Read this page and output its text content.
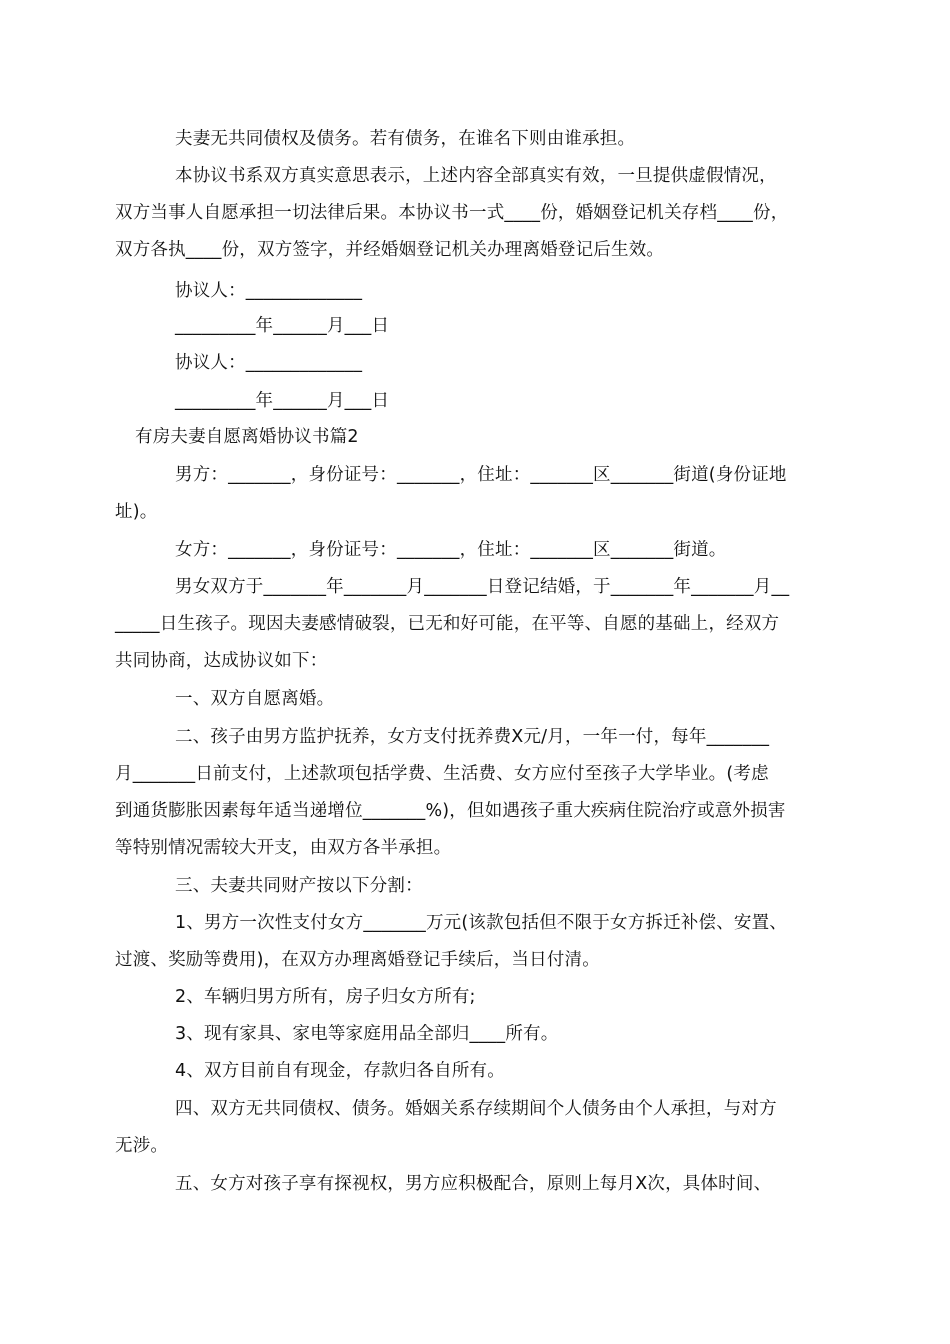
夫妻无共同债权及债务。若有债务，在谁名下则由谁承担。
本协议书系双方真实意思表示，上述内容全部真实有效，一旦提供虚假情况，
双方当事人自愿承担一切法律后果。本协议书一式____份，婚姻登记机关存档____份，
双方各执____份，双方签字，并经婚姻登记机关办理离婚登记后生效。
协议人：_____________
_________年______月___日
协议人：_____________
_________年______月___日
有房夫妻自愿离婚协议书篇2
男方：_______，身份证号：_______，住址：_______区_______街道(身份证地
址)。
女方：_______，身份证号：_______，住址：_______区_______街道。
男女双方于_______年_______月_______日登记结婚，于_______年_______月__
_____日生孩子。现因夫妻感情破裂，已无和好可能，在平等、自愿的基础上，经双方
共同协商，达成协议如下：
一、双方自愿离婚。
二、孩子由男方监护抚养，女方支付抚养费X元/月，一年一付，每年_______
月_______日前支付，上述款项包括学费、生活费、女方应付至孩子大学毕业。(考虑
到通货膨胀因素每年适当递增位_______%)，但如遇孩子重大疾病住院治疗或意外损害
等特别情况需较大开支，由双方各半承担。
三、夫妻共同财产按以下分割：
1、男方一次性支付女方_______万元(该款包括但不限于女方拆迁补偿、安置、
过渡、奖励等费用)，在双方办理离婚登记手续后，当日付清。
2、车辆归男方所有，房子归女方所有;
3、现有家具、家电等家庭用品全部归____所有。
4、双方目前自有现金，存款归各自所有。
四、双方无共同债权、债务。婚姻关系存续期间个人债务由个人承担，与对方
无涉。
五、女方对孩子享有探视权，男方应积极配合，原则上每月X次，具体时间、
